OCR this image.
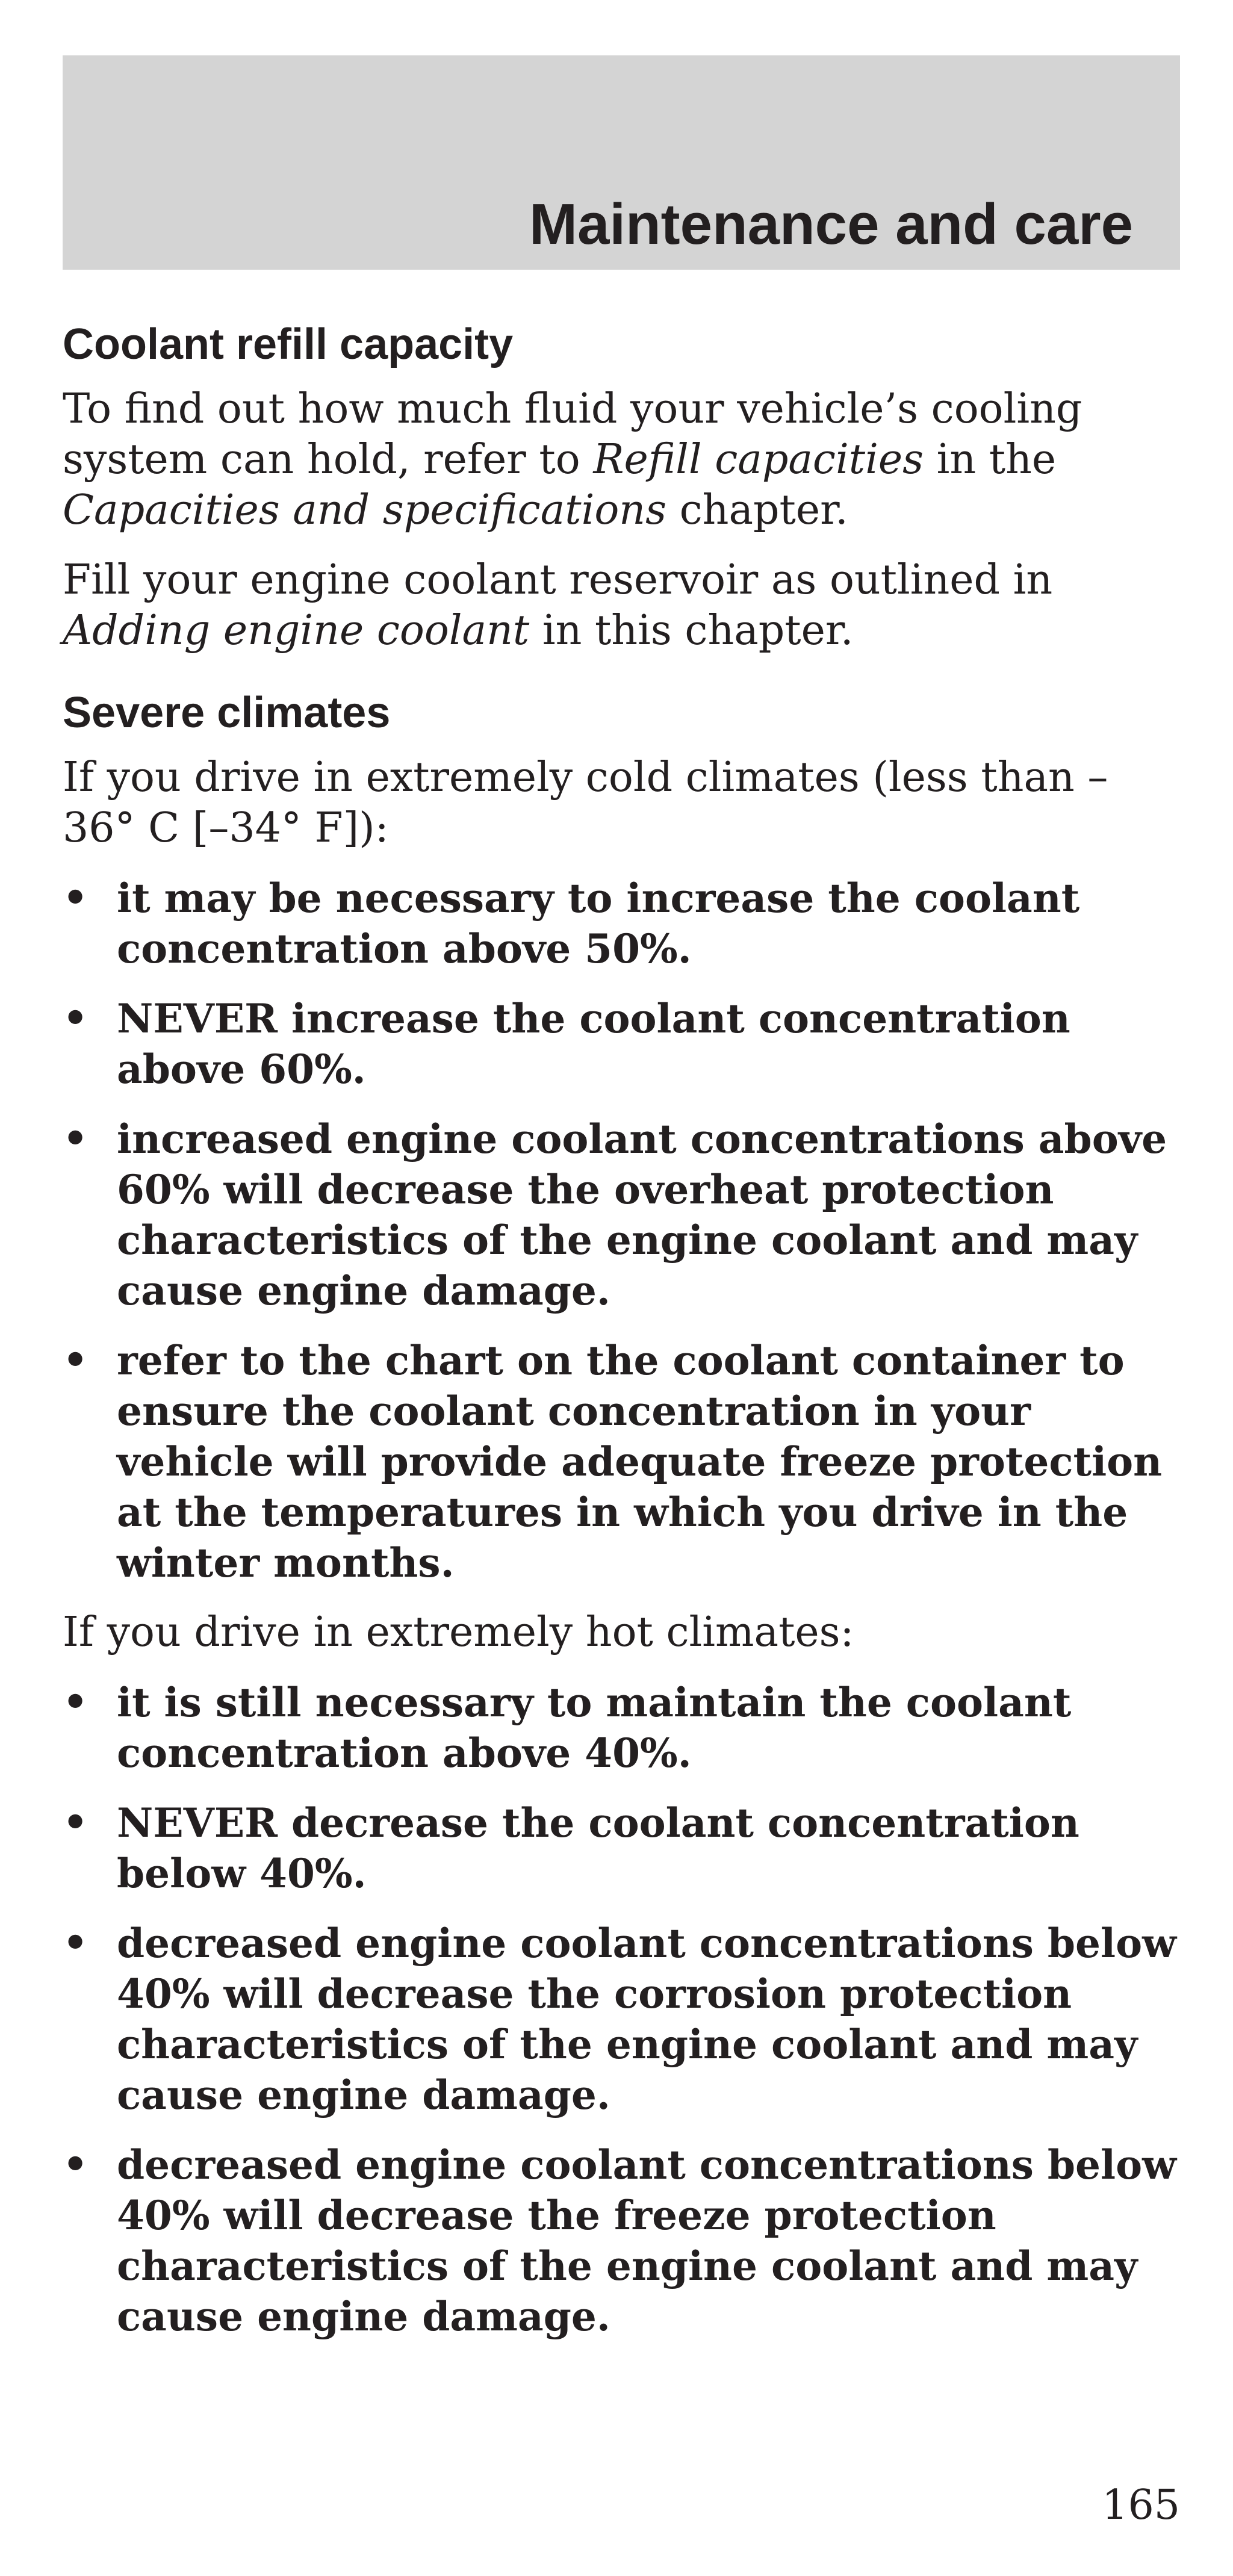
Maintenance and care
Coolant refill capacity

To find out how much fluid your vehicle’s cooling system can hold, refer to Refill capacities in the Capacities and specifications chapter.

Fill your engine coolant reservoir as outlined in Adding engine coolant in this chapter.

Severe climates

If you drive in extremely cold climates (less than –36° C [–34° F]):

• it may be necessary to increase the coolant concentration above 50%.
• NEVER increase the coolant concentration above 60%.
• increased engine coolant concentrations above 60% will decrease the overheat protection characteristics of the engine coolant and may cause engine damage.
• refer to the chart on the coolant container to ensure the coolant concentration in your vehicle will provide adequate freeze protection at the temperatures in which you drive in the winter months.

If you drive in extremely hot climates:

• it is still necessary to maintain the coolant concentration above 40%.
• NEVER decrease the coolant concentration below 40%.
• decreased engine coolant concentrations below 40% will decrease the corrosion protection characteristics of the engine coolant and may cause engine damage.
• decreased engine coolant concentrations below 40% will decrease the freeze protection characteristics of the engine coolant and may cause engine damage.

165
